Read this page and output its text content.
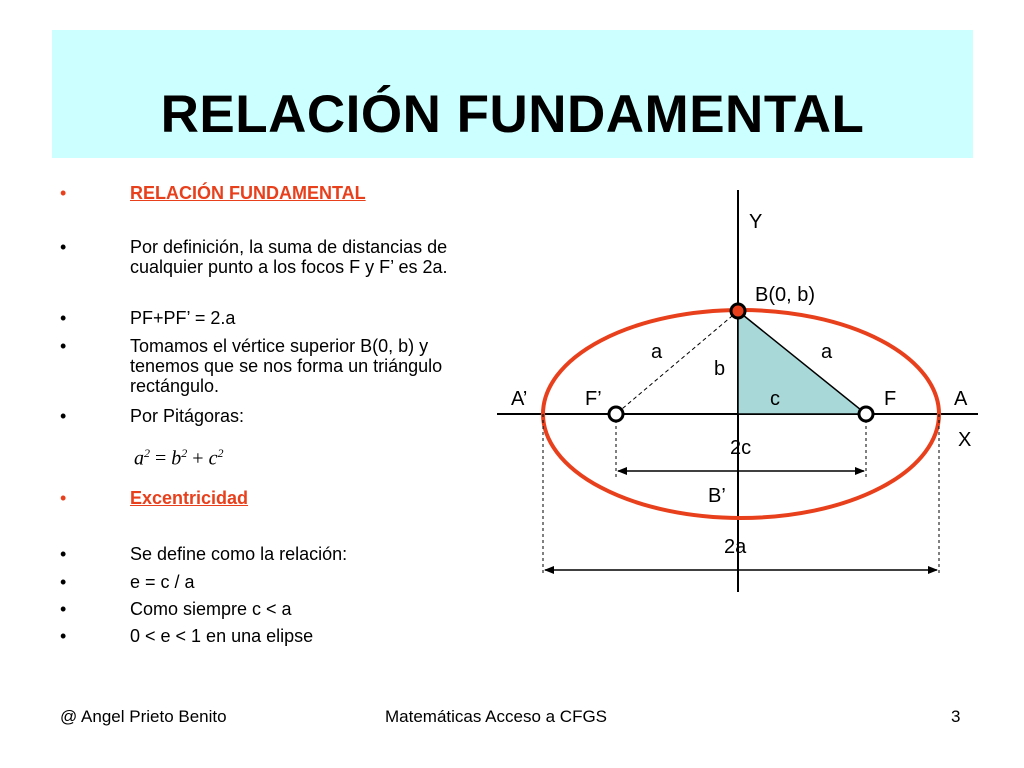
RELACIÓN FUNDAMENTAL
•	RELACIÓN FUNDAMENTAL
•	Por definición, la suma de distancias de cualquier punto a los focos F y F’ es 2a.
•	PF+PF’ = 2.a
•	Tomamos el vértice superior B(0, b) y tenemos que se nos forma un triángulo rectángulo.
•	Por Pitágoras:
•	Excentricidad
•	Se define como la relación:
•	e = c / a
•	Como siempre c < a
•	0 < e < 1 en una elipse
$a^2 = b^2 + c^2$
Y
B(0, b)
a	a
b
c
A’	F’	F	A
X
2c
B’
2a
@ Angel Prieto Benito	Matemáticas Acceso a CFGS	3
